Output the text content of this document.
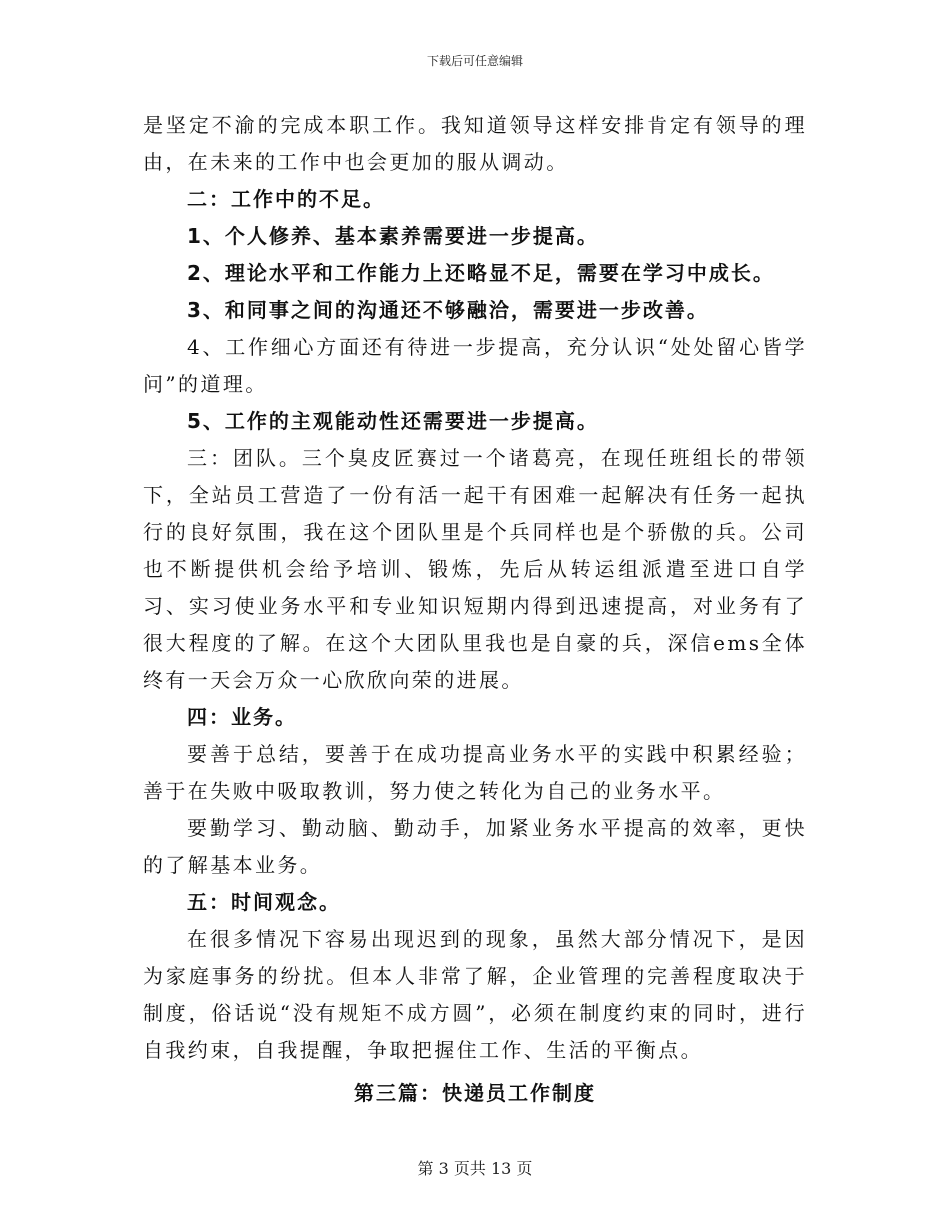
下载后可任意编辑

是坚定不渝的完成本职工作。我知道领导这样安排肯定有领导的理由，在未来的工作中也会更加的服从调动。

二：工作中的不足。

1、个人修养、基本素养需要进一步提高。

2、理论水平和工作能力上还略显不足，需要在学习中成长。

3、和同事之间的沟通还不够融洽，需要进一步改善。

4、工作细心方面还有待进一步提高，充分认识“处处留心皆学问”的道理。

5、工作的主观能动性还需要进一步提高。

三：团队。三个臭皮匠赛过一个诸葛亮，在现任班组长的带领下，全站员工营造了一份有活一起干有困难一起解决有任务一起执行的良好氛围，我在这个团队里是个兵同样也是个骄傲的兵。公司也不断提供机会给予培训、锻炼，先后从转运组派遣至进口自学习、实习使业务水平和专业知识短期内得到迅速提高，对业务有了很大程度的了解。在这个大团队里我也是自豪的兵，深信ems全体终有一天会万众一心欣欣向荣的进展。

四：业务。

要善于总结，要善于在成功提高业务水平的实践中积累经验；善于在失败中吸取教训，努力使之转化为自己的业务水平。

要勤学习、勤动脑、勤动手，加紧业务水平提高的效率，更快的了解基本业务。

五：时间观念。

在很多情况下容易出现迟到的现象，虽然大部分情况下，是因为家庭事务的纷扰。但本人非常了解，企业管理的完善程度取决于制度，俗话说“没有规矩不成方圆”，必须在制度约束的同时，进行自我约束，自我提醒，争取把握住工作、生活的平衡点。

第三篇：快递员工作制度

第 3 页共 13 页
